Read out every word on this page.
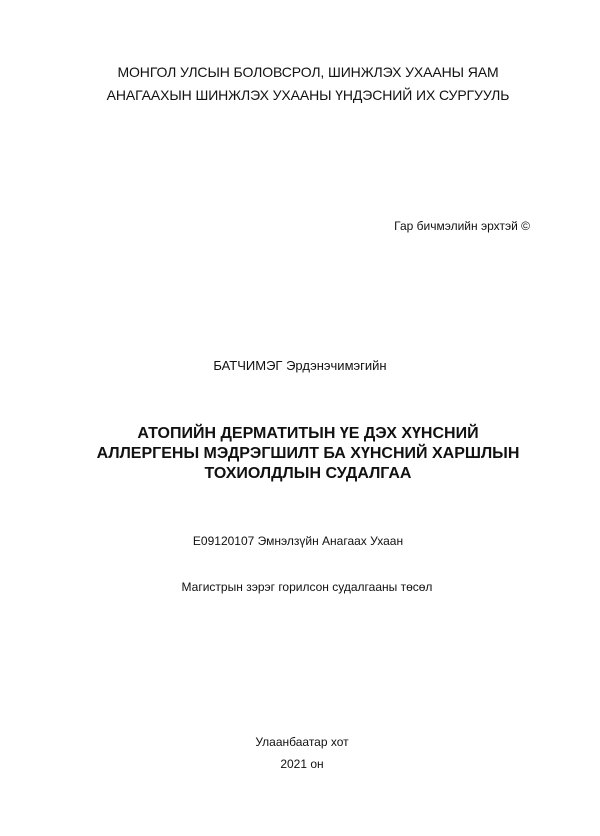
МОНГОЛ УЛСЫН БОЛОВСРОЛ, ШИНЖЛЭХ УХААНЫ ЯАМ
АНАГААХЫН ШИНЖЛЭХ УХААНЫ ҮНДЭСНИЙ ИХ СУРГУУЛЬ
Гар бичмэлийн эрхтэй ©
БАТЧИМЭГ Эрдэнэчимэгийн
АТОПИЙН ДЕРМАТИТЫН ҮЕ ДЭХ ХҮНСНИЙ
АЛЛЕРГЕНЫ МЭДРЭГШИЛТ БА ХҮНСНИЙ ХАРШЛЫН
ТОХИОЛДЛЫН СУДАЛГАА
E09120107 Эмнэлзүйн Анагаах Ухаан
Магистрын зэрэг горилсон судалгааны төсөл
Улаанбаатар хот
2021 он
